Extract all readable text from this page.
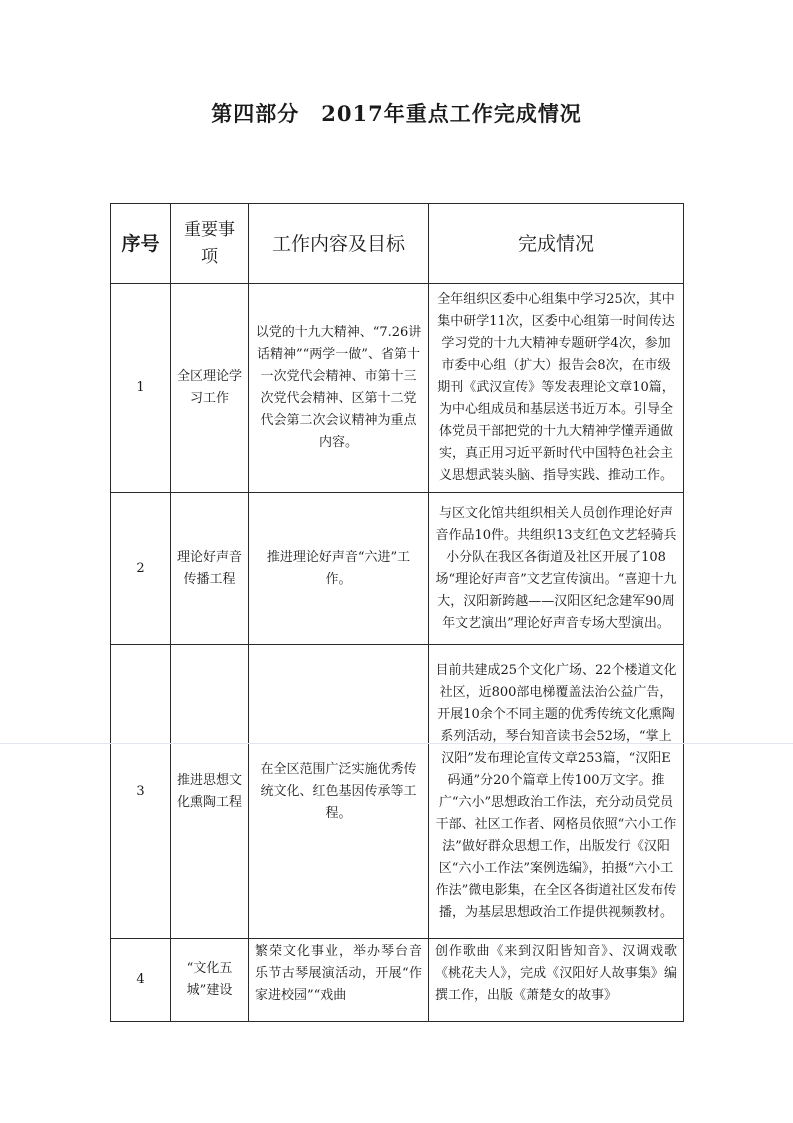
第四部分　2017年重点工作完成情况
序号	重要事项	工作内容及目标	完成情况
1	全区理论学习工作	以党的十九大精神、“7.26讲话精神”“两学一做”、省第十一次党代会精神、市第十三次党代会精神、区第十二党代会第二次会议精神为重点内容。	全年组织区委中心组集中学习25次，其中集中研学11次，区委中心组第一时间传达学习党的十九大精神专题研学4次，参加市委中心组（扩大）报告会8次，在市级期刊《武汉宣传》等发表理论文章10篇，为中心组成员和基层送书近万本。引导全体党员干部把党的十九大精神学懂弄通做实，真正用习近平新时代中国特色社会主义思想武装头脑、指导实践、推动工作。
2	理论好声音传播工程	推进理论好声音“六进”工作。	与区文化馆共组织相关人员创作理论好声音作品10件。共组织13支红色文艺轻骑兵小分队在我区各街道及社区开展了108场“理论好声音”文艺宣传演出。“喜迎十九大，汉阳新跨越——汉阳区纪念建军90周年文艺演出”理论好声音专场大型演出。
3	推进思想文化熏陶工程	在全区范围广泛实施优秀传统文化、红色基因传承等工程。	目前共建成25个文化广场、22个楼道文化社区，近800部电梯覆盖法治公益广告，开展10余个不同主题的优秀传统文化熏陶系列活动，琴台知音读书会52场，“掌上汉阳”发布理论宣传文章253篇，“汉阳E码通”分20个篇章上传100万文字。推广“六小”思想政治工作法，充分动员党员干部、社区工作者、网格员依照“六小工作法”做好群众思想工作，出版发行《汉阳区“六小工作法”案例选编》，拍摄“六小工作法”微电影集，在全区各街道社区发布传播，为基层思想政治工作提供视频教材。
4	“文化五城”建设	繁荣文化事业，举办琴台音乐节古琴展演活动，开展“作家进校园”“戏曲	创作歌曲《来到汉阳皆知音》、汉调戏歌《桃花夫人》，完成《汉阳好人故事集》编撰工作，出版《萧楚女的故事》
